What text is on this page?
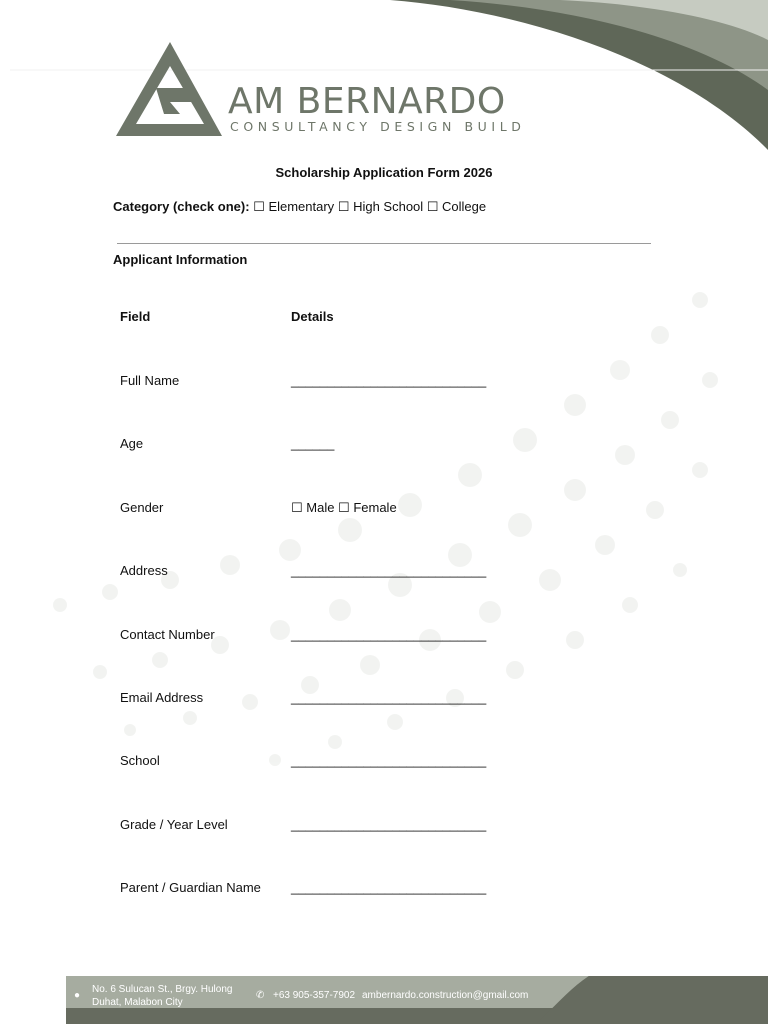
AM BERNARDO
CONSULTANCY DESIGN BUILD
Scholarship Application Form 2026
Category (check one): ☐ Elementary ☐ High School ☐ College
Applicant Information
Field	Details
Full Name	___________________________
Age	______
Gender	☐ Male ☐ Female
Address	___________________________
Contact Number	___________________________
Email Address	___________________________
School	___________________________
Grade / Year Level	___________________________
Parent / Guardian Name ___________________________
●
No. 6 Sulucan St., Brgy. Hulong
Duhat, Malabon City
✆ +63 905-357-7902 ambernardo.construction@gmail.com
